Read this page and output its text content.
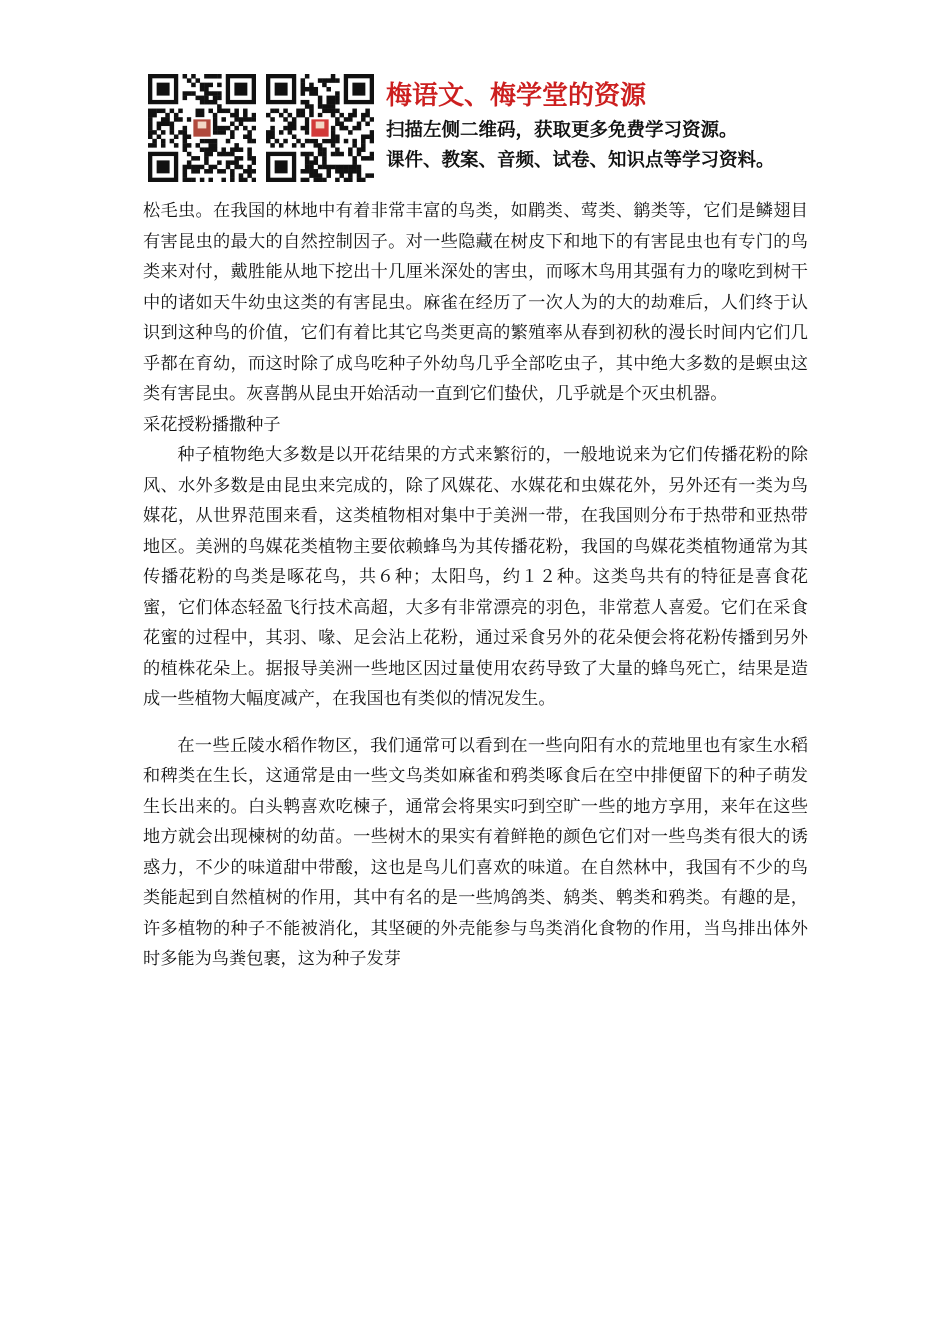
梅语文、梅学堂的资源
扫描左侧二维码，获取更多免费学习资源。
课件、教案、音频、试卷、知识点等学习资料。

松毛虫。在我国的林地中有着非常丰富的鸟类，如鹛类、莺类、鹟类等，它们是鳞翅目有害昆虫的最大的自然控制因子。对一些隐藏在树皮下和地下的有害昆虫也有专门的鸟类来对付，戴胜能从地下挖出十几厘米深处的害虫，而啄木鸟用其强有力的喙吃到树干中的诸如天牛幼虫这类的有害昆虫。麻雀在经历了一次人为的大的劫难后，人们终于认识到这种鸟的价值，它们有着比其它鸟类更高的繁殖率从春到初秋的漫长时间内它们几乎都在育幼，而这时除了成鸟吃种子外幼鸟几乎全部吃虫子，其中绝大多数的是螟虫这类有害昆虫。灰喜鹊从昆虫开始活动一直到它们蛰伏，几乎就是个灭虫机器。

采花授粉播撒种子

种子植物绝大多数是以开花结果的方式来繁衍的，一般地说来为它们传播花粉的除风、水外多数是由昆虫来完成的，除了风媒花、水媒花和虫媒花外，另外还有一类为鸟媒花，从世界范围来看，这类植物相对集中于美洲一带，在我国则分布于热带和亚热带地区。美洲的鸟媒花类植物主要依赖蜂鸟为其传播花粉，我国的鸟媒花类植物通常为其传播花粉的鸟类是啄花鸟，共６种；太阳鸟，约１２种。这类鸟共有的特征是喜食花蜜，它们体态轻盈飞行技术高超，大多有非常漂亮的羽色，非常惹人喜爱。它们在采食花蜜的过程中，其羽、喙、足会沾上花粉，通过采食另外的花朵便会将花粉传播到另外的植株花朵上。据报导美洲一些地区因过量使用农药导致了大量的蜂鸟死亡，结果是造成一些植物大幅度减产，在我国也有类似的情况发生。

在一些丘陵水稻作物区，我们通常可以看到在一些向阳有水的荒地里也有家生水稻和稗类在生长，这通常是由一些文鸟类如麻雀和鸦类啄食后在空中排便留下的种子萌发生长出来的。白头鹎喜欢吃楝子，通常会将果实叼到空旷一些的地方享用，来年在这些地方就会出现楝树的幼苗。一些树木的果实有着鲜艳的颜色它们对一些鸟类有很大的诱惑力，不少的味道甜中带酸，这也是鸟儿们喜欢的味道。在自然林中，我国有不少的鸟类能起到自然植树的作用，其中有名的是一些鸠鸽类、鸫类、鹎类和鸦类。有趣的是，许多植物的种子不能被消化，其坚硬的外壳能参与鸟类消化食物的作用，当鸟排出体外时多能为鸟粪包裹，这为种子发芽
